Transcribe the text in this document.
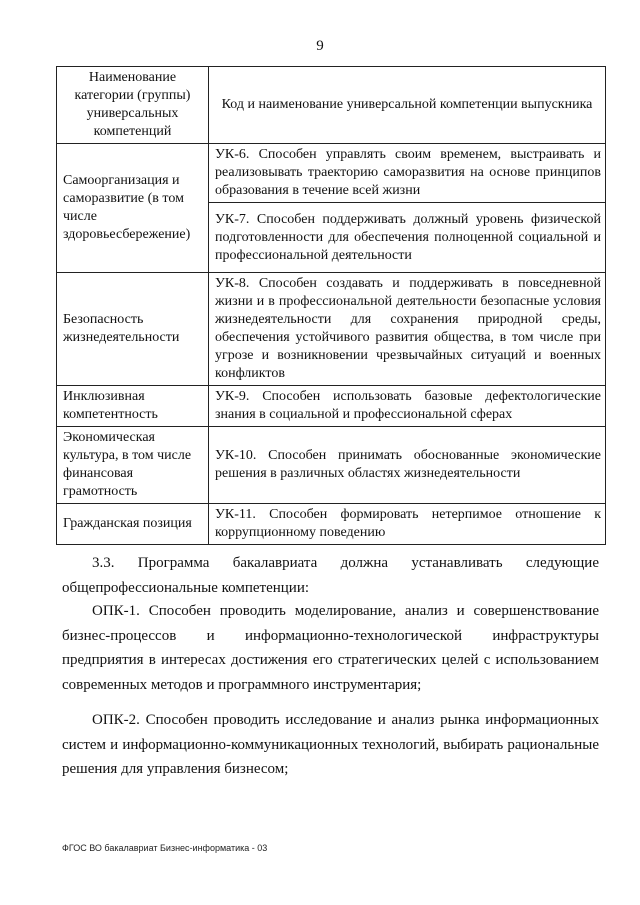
9
Наименование категории (группы) универсальных компетенций	Код и наименование универсальной компетенции выпускника
Самоорганизация и саморазвитие (в том числе здоровьесбережение)	УК-6. Способен управлять своим временем, выстраивать и реализовывать траекторию саморазвития на основе принципов образования в течение всей жизни
	УК-7. Способен поддерживать должный уровень физической подготовленности для обеспечения полноценной социальной и профессиональной деятельности
Безопасность жизнедеятельности	УК-8. Способен создавать и поддерживать в повседневной жизни и в профессиональной деятельности безопасные условия жизнедеятельности для сохранения природной среды, обеспечения устойчивого развития общества, в том числе при угрозе и возникновении чрезвычайных ситуаций и военных конфликтов
Инклюзивная компетентность	УК-9. Способен использовать базовые дефектологические знания в социальной и профессиональной сферах
Экономическая культура, в том числе финансовая грамотность	УК-10. Способен принимать обоснованные экономические решения в различных областях жизнедеятельности
Гражданская позиция	УК-11. Способен формировать нетерпимое отношение к коррупционному поведению

3.3. Программа бакалавриата должна устанавливать следующие общепрофессиональные компетенции:

ОПК-1. Способен проводить моделирование, анализ и совершенствование бизнес-процессов и информационно-технологической инфраструктуры предприятия в интересах достижения его стратегических целей с использованием современных методов и программного инструментария;

ОПК-2. Способен проводить исследование и анализ рынка информационных систем и информационно-коммуникационных технологий, выбирать рациональные решения для управления бизнесом;

ФГОС ВО бакалавриат Бизнес-информатика - 03
